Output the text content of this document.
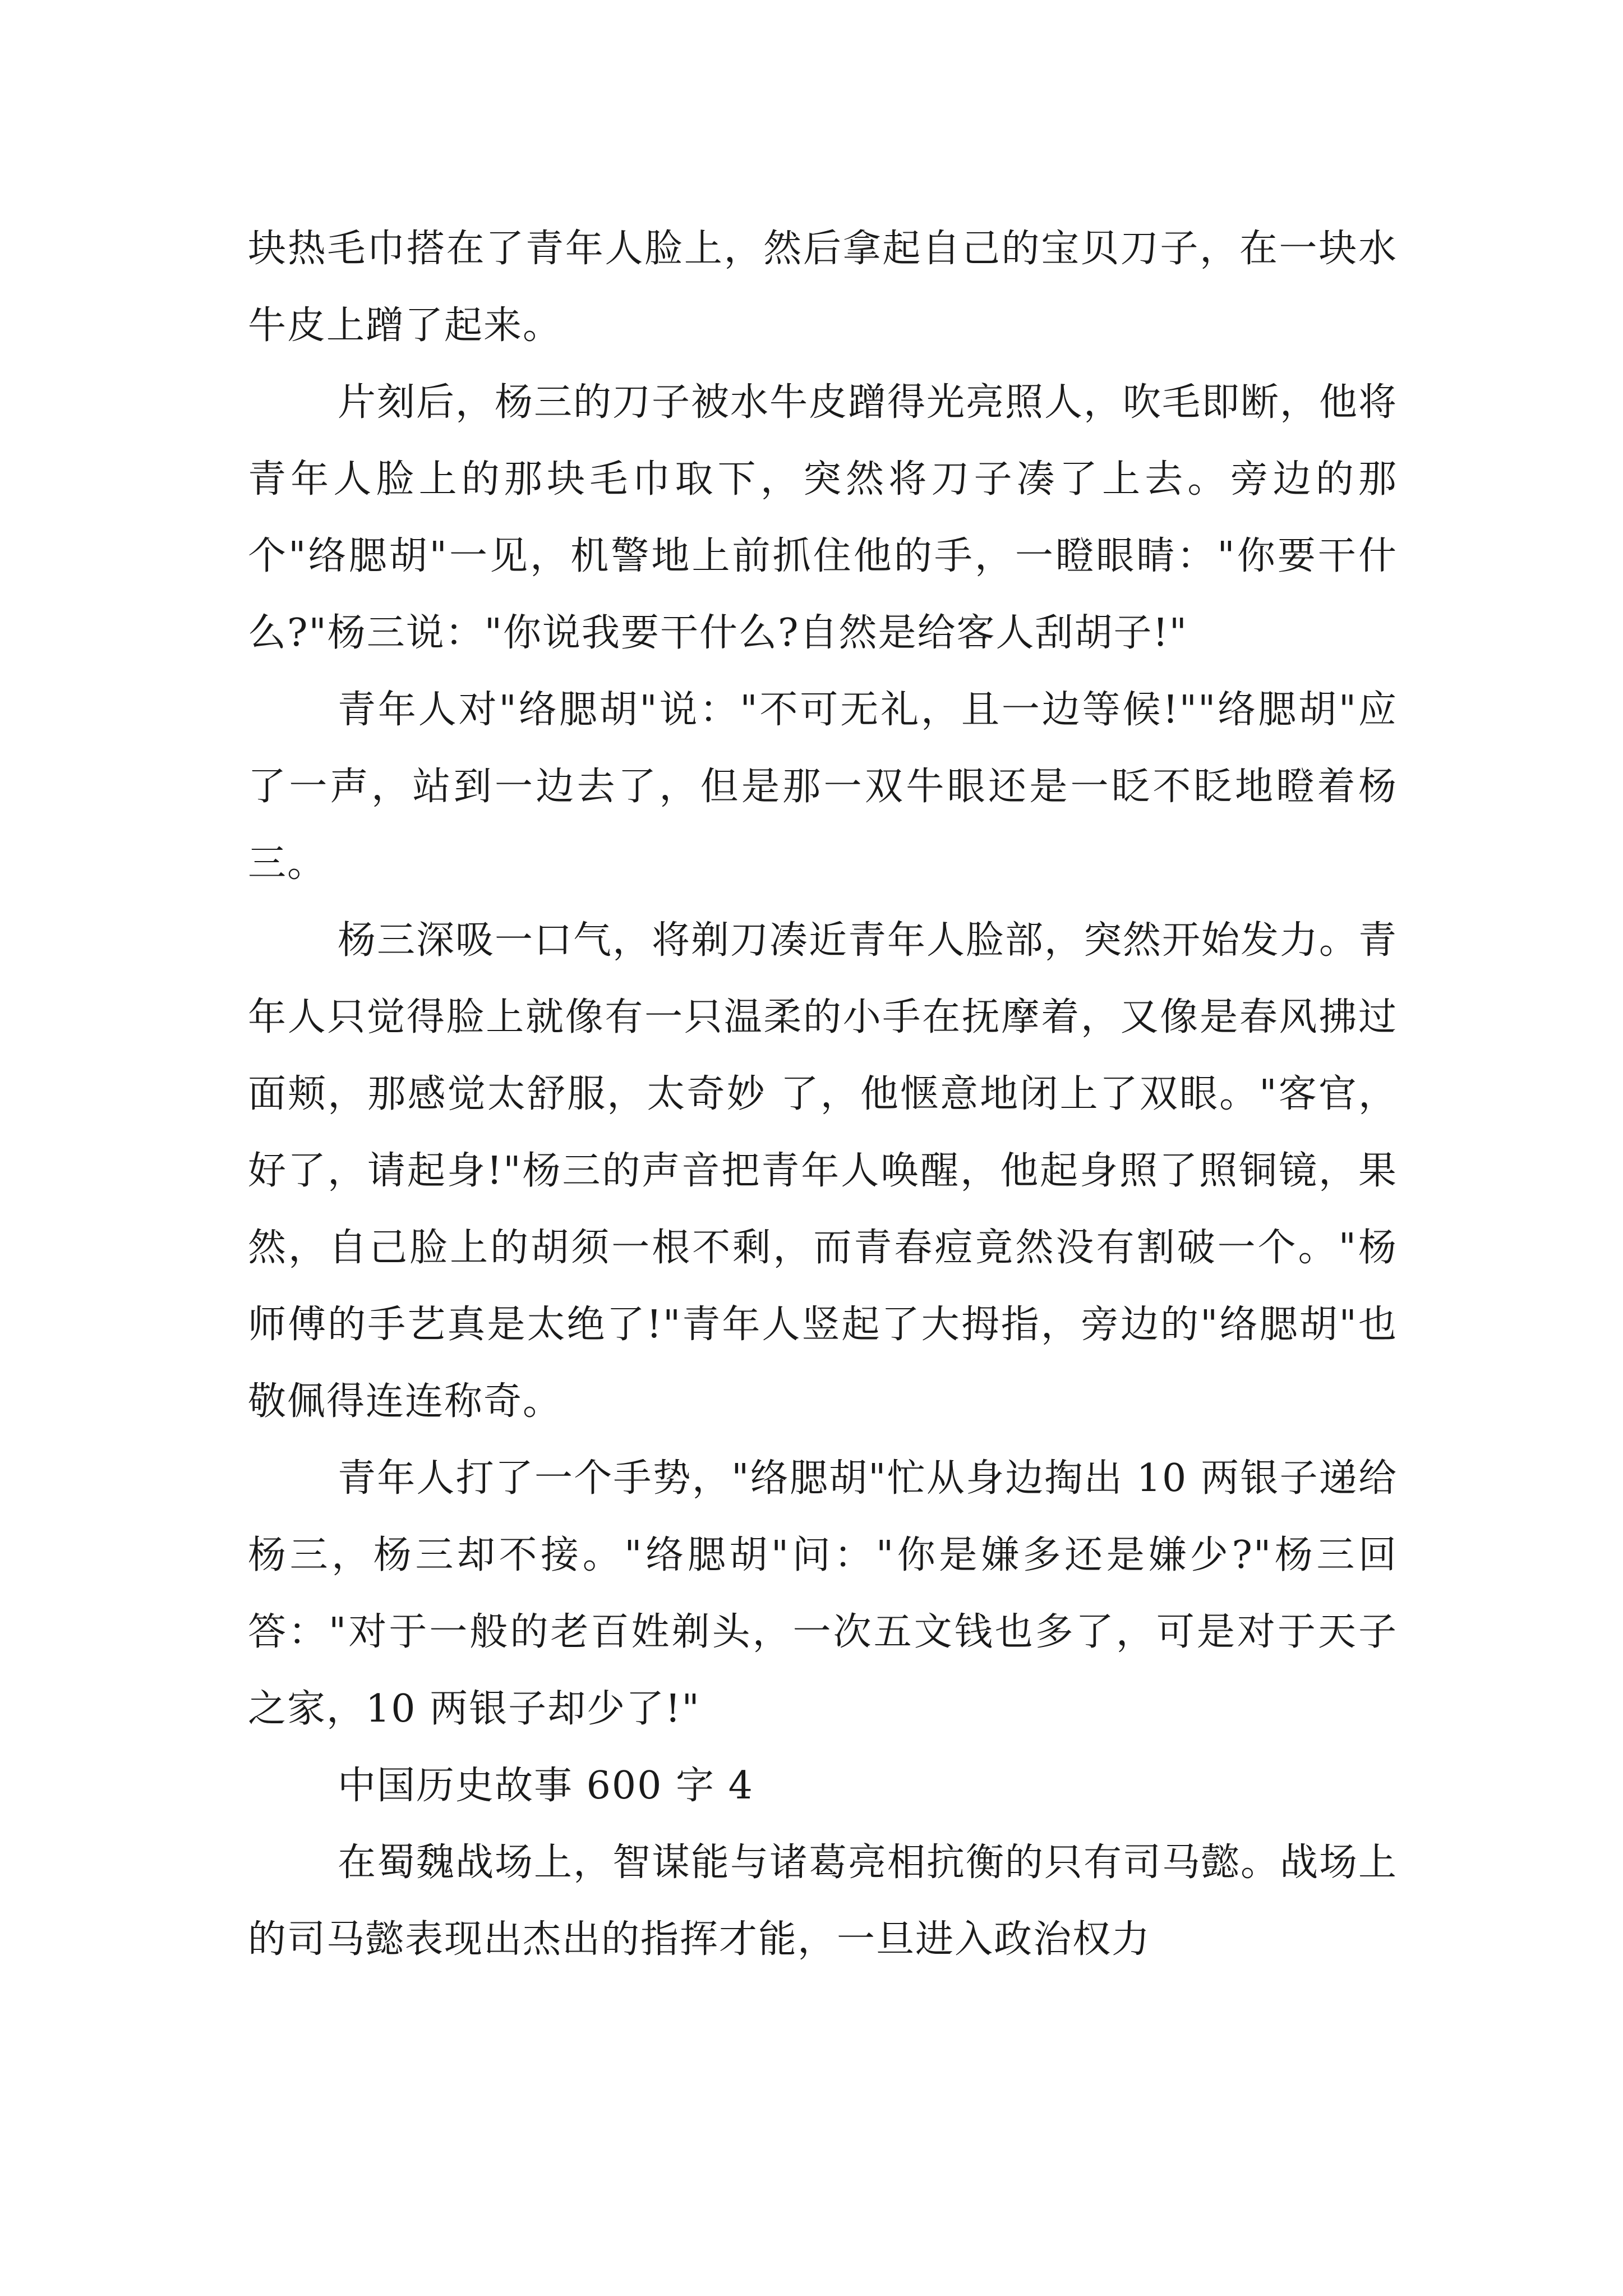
块热毛巾搭在了青年人脸上，然后拿起自己的宝贝刀子，在一块水牛皮上蹭了起来。

片刻后，杨三的刀子被水牛皮蹭得光亮照人，吹毛即断，他将青年人脸上的那块毛巾取下，突然将刀子凑了上去。旁边的那个"络腮胡"一见，机警地上前抓住他的手，一瞪眼睛："你要干什么?"杨三说："你说我要干什么?自然是给客人刮胡子!"

青年人对"络腮胡"说："不可无礼，且一边等候!""络腮胡"应了一声，站到一边去了，但是那一双牛眼还是一眨不眨地瞪着杨三。

杨三深吸一口气，将剃刀凑近青年人脸部，突然开始发力。青年人只觉得脸上就像有一只温柔的小手在抚摩着，又像是春风拂过面颊，那感觉太舒服，太奇妙 了，他惬意地闭上了双眼。"客官，好了，请起身!"杨三的声音把青年人唤醒，他起身照了照铜镜，果然，自己脸上的胡须一根不剩，而青春痘竟然没有割破一个。"杨师傅的手艺真是太绝了!"青年人竖起了大拇指，旁边的"络腮胡"也敬佩得连连称奇。

青年人打了一个手势，"络腮胡"忙从身边掏出 10 两银子递给杨三，杨三却不接。"络腮胡"问："你是嫌多还是嫌少?"杨三回答："对于一般的老百姓剃头，一次五文钱也多了，可是对于天子之家，10 两银子却少了!"

中国历史故事 600 字 4

在蜀魏战场上，智谋能与诸葛亮相抗衡的只有司马懿。战场上的司马懿表现出杰出的指挥才能，一旦进入政治权力
